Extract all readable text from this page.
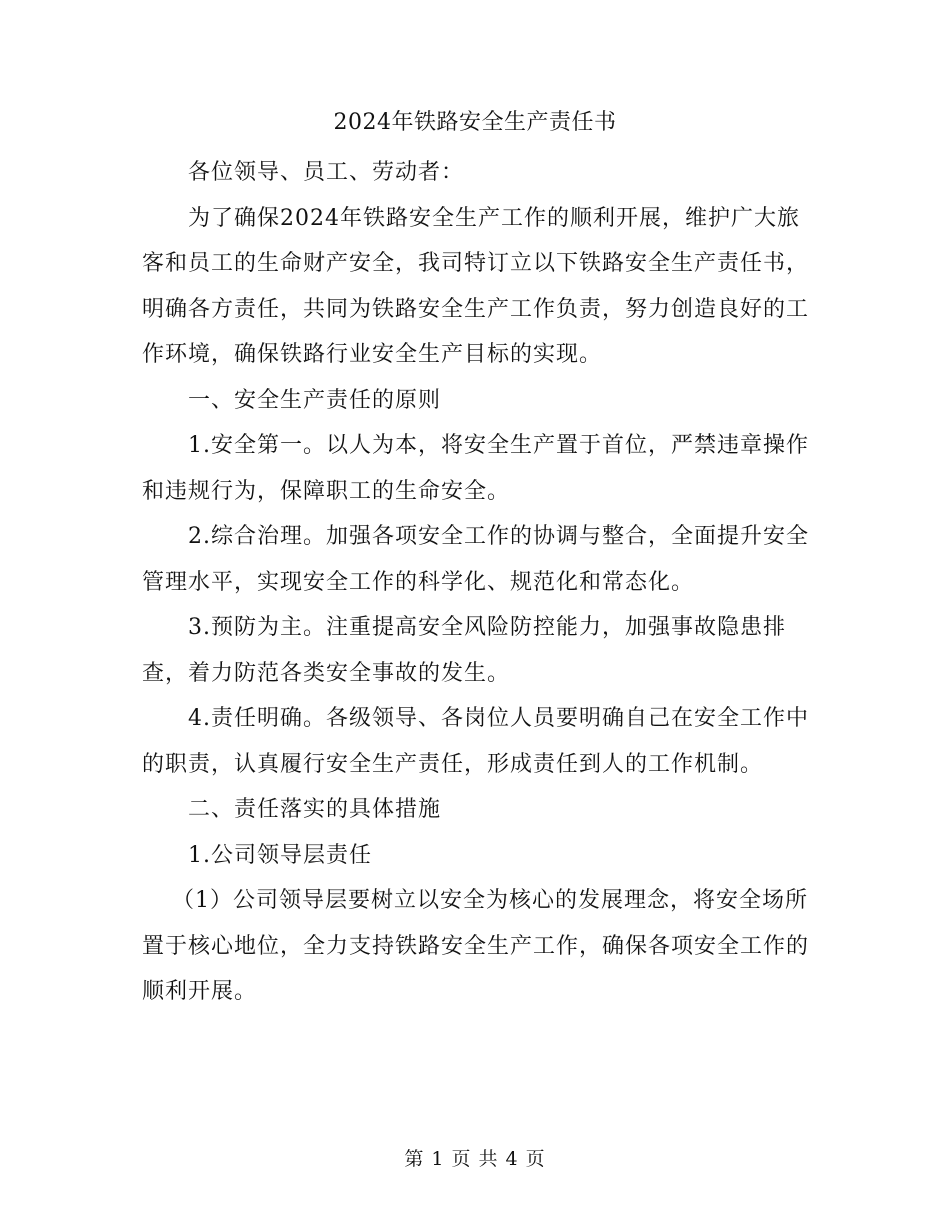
2024年铁路安全生产责任书

各位领导、员工、劳动者：

为了确保2024年铁路安全生产工作的顺利开展，维护广大旅客和员工的生命财产安全，我司特订立以下铁路安全生产责任书，明确各方责任，共同为铁路安全生产工作负责，努力创造良好的工作环境，确保铁路行业安全生产目标的实现。

一、安全生产责任的原则

1.安全第一。以人为本，将安全生产置于首位，严禁违章操作和违规行为，保障职工的生命安全。

2.综合治理。加强各项安全工作的协调与整合，全面提升安全管理水平，实现安全工作的科学化、规范化和常态化。

3.预防为主。注重提高安全风险防控能力，加强事故隐患排查，着力防范各类安全事故的发生。

4.责任明确。各级领导、各岗位人员要明确自己在安全工作中的职责，认真履行安全生产责任，形成责任到人的工作机制。

二、责任落实的具体措施

1.公司领导层责任

（1）公司领导层要树立以安全为核心的发展理念，将安全场所置于核心地位，全力支持铁路安全生产工作，确保各项安全工作的顺利开展。

第 1 页 共 4 页
